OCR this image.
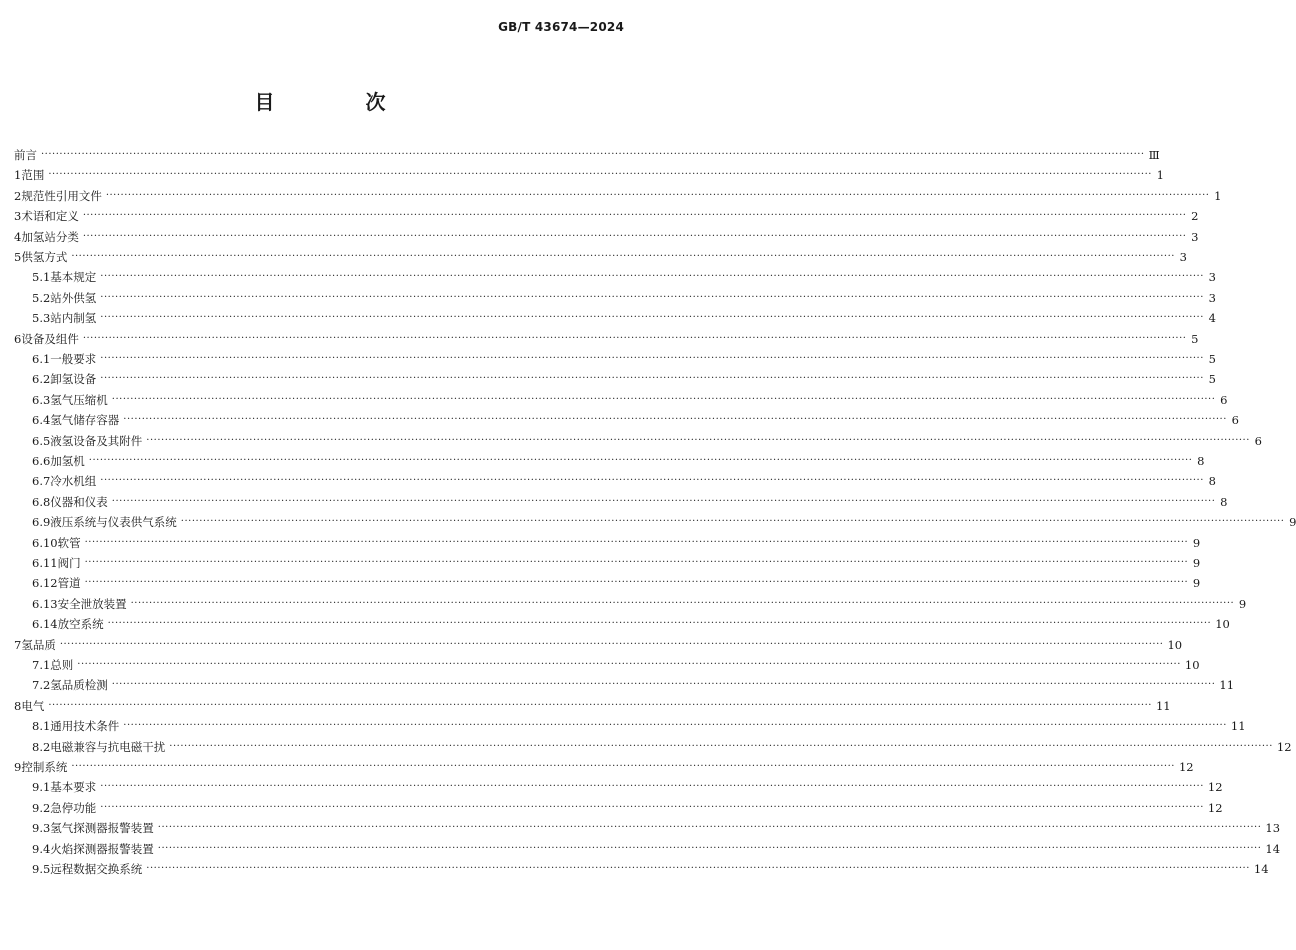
GB/T 43674—2024
目 次
前言 ············································································································································································································································································································ Ⅲ
1 范围 ············································································································································································································································································································ 1
2 规范性引用文件 ············································································································································································································································································································ 1
3 术语和定义 ············································································································································································································································································································ 2
4 加氢站分类 ············································································································································································································································································································ 3
5 供氢方式 ············································································································································································································································································································ 3
5.1 基本规定 ············································································································································································································································································································ 3
5.2 站外供氢 ············································································································································································································································································································ 3
5.3 站内制氢 ············································································································································································································································································································ 4
6 设备及组件 ············································································································································································································································································································ 5
6.1 一般要求 ············································································································································································································································································································ 5
6.2 卸氢设备 ············································································································································································································································································································ 5
6.3 氢气压缩机 ············································································································································································································································································································ 6
6.4 氢气储存容器 ············································································································································································································································································································ 6
6.5 液氢设备及其附件 ············································································································································································································································································································ 6
6.6 加氢机 ············································································································································································································································································································ 8
6.7 冷水机组 ············································································································································································································································································································ 8
6.8 仪器和仪表 ············································································································································································································································································································ 8
6.9 液压系统与仪表供气系统 ············································································································································································································································································································ 9
6.10 软管 ············································································································································································································································································································ 9
6.11 阀门 ············································································································································································································································································································ 9
6.12 管道 ············································································································································································································································································································ 9
6.13 安全泄放装置 ············································································································································································································································································································ 9
6.14 放空系统 ············································································································································································································································································································ 10
7 氢品质 ············································································································································································································································································································ 10
7.1 总则 ············································································································································································································································································································ 10
7.2 氢品质检测 ············································································································································································································································································································ 11
8 电气 ············································································································································································································································································································ 11
8.1 通用技术条件 ············································································································································································································································································································ 11
8.2 电磁兼容与抗电磁干扰 ············································································································································································································································································································ 12
9 控制系统 ············································································································································································································································································································ 12
9.1 基本要求 ············································································································································································································································································································ 12
9.2 急停功能 ············································································································································································································································································································ 12
9.3 氢气探测器报警装置 ············································································································································································································································································································ 13
9.4 火焰探测器报警装置 ············································································································································································································································································································ 14
9.5 远程数据交换系统 ············································································································································································································································································································ 14
